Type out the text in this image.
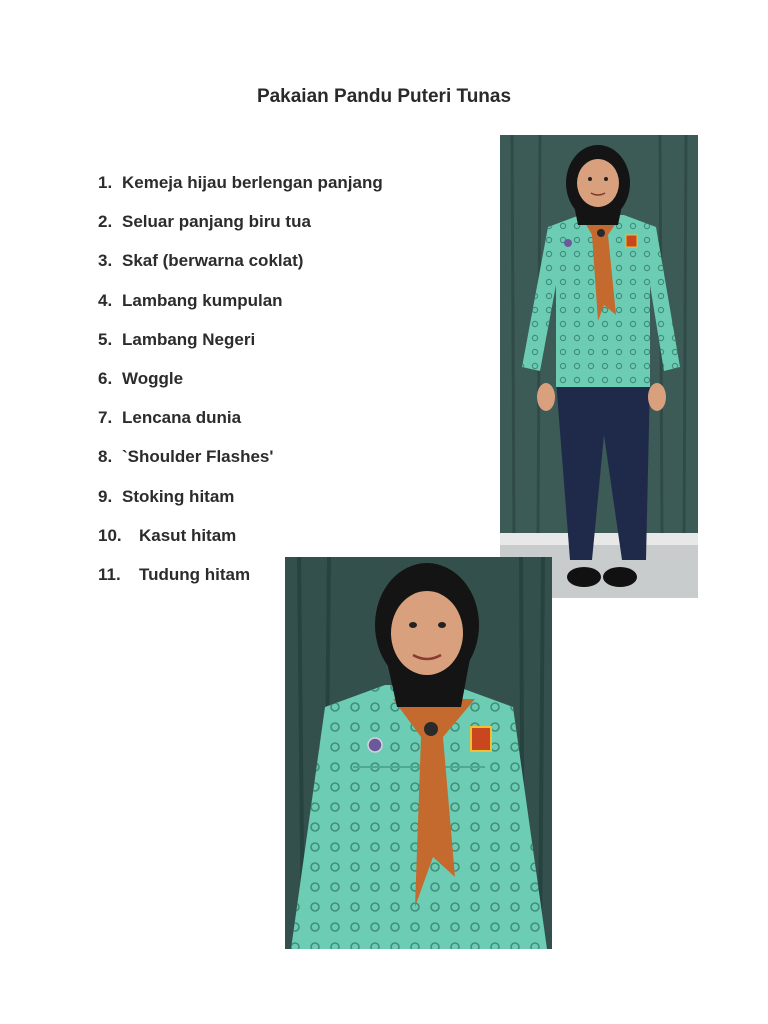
Pakaian Pandu Puteri Tunas
1. Kemeja hijau berlengan panjang
2. Seluar panjang biru tua
3. Skaf (berwarna coklat)
4. Lambang kumpulan
5. Lambang Negeri
6. Woggle
7. Lencana dunia
8. `Shoulder Flashes'
9. Stoking hitam
10.	Kasut hitam
11.	Tudung hitam
